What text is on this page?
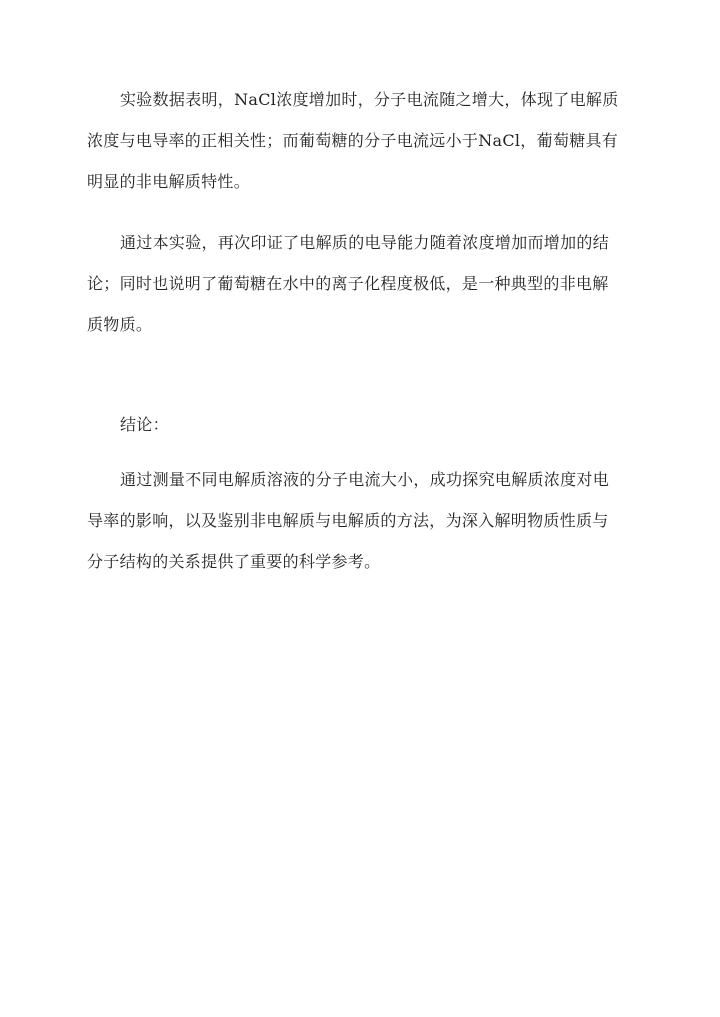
实验数据表明，NaCl浓度增加时，分子电流随之增大，体现了电解质
浓度与电导率的正相关性；而葡萄糖的分子电流远小于NaCl，葡萄糖具有
明显的非电解质特性。
通过本实验，再次印证了电解质的电导能力随着浓度增加而增加的结
论；同时也说明了葡萄糖在水中的离子化程度极低，是一种典型的非电解
质物质。
结论：
通过测量不同电解质溶液的分子电流大小，成功探究电解质浓度对电
导率的影响，以及鉴别非电解质与电解质的方法，为深入解明物质性质与
分子结构的关系提供了重要的科学参考。
